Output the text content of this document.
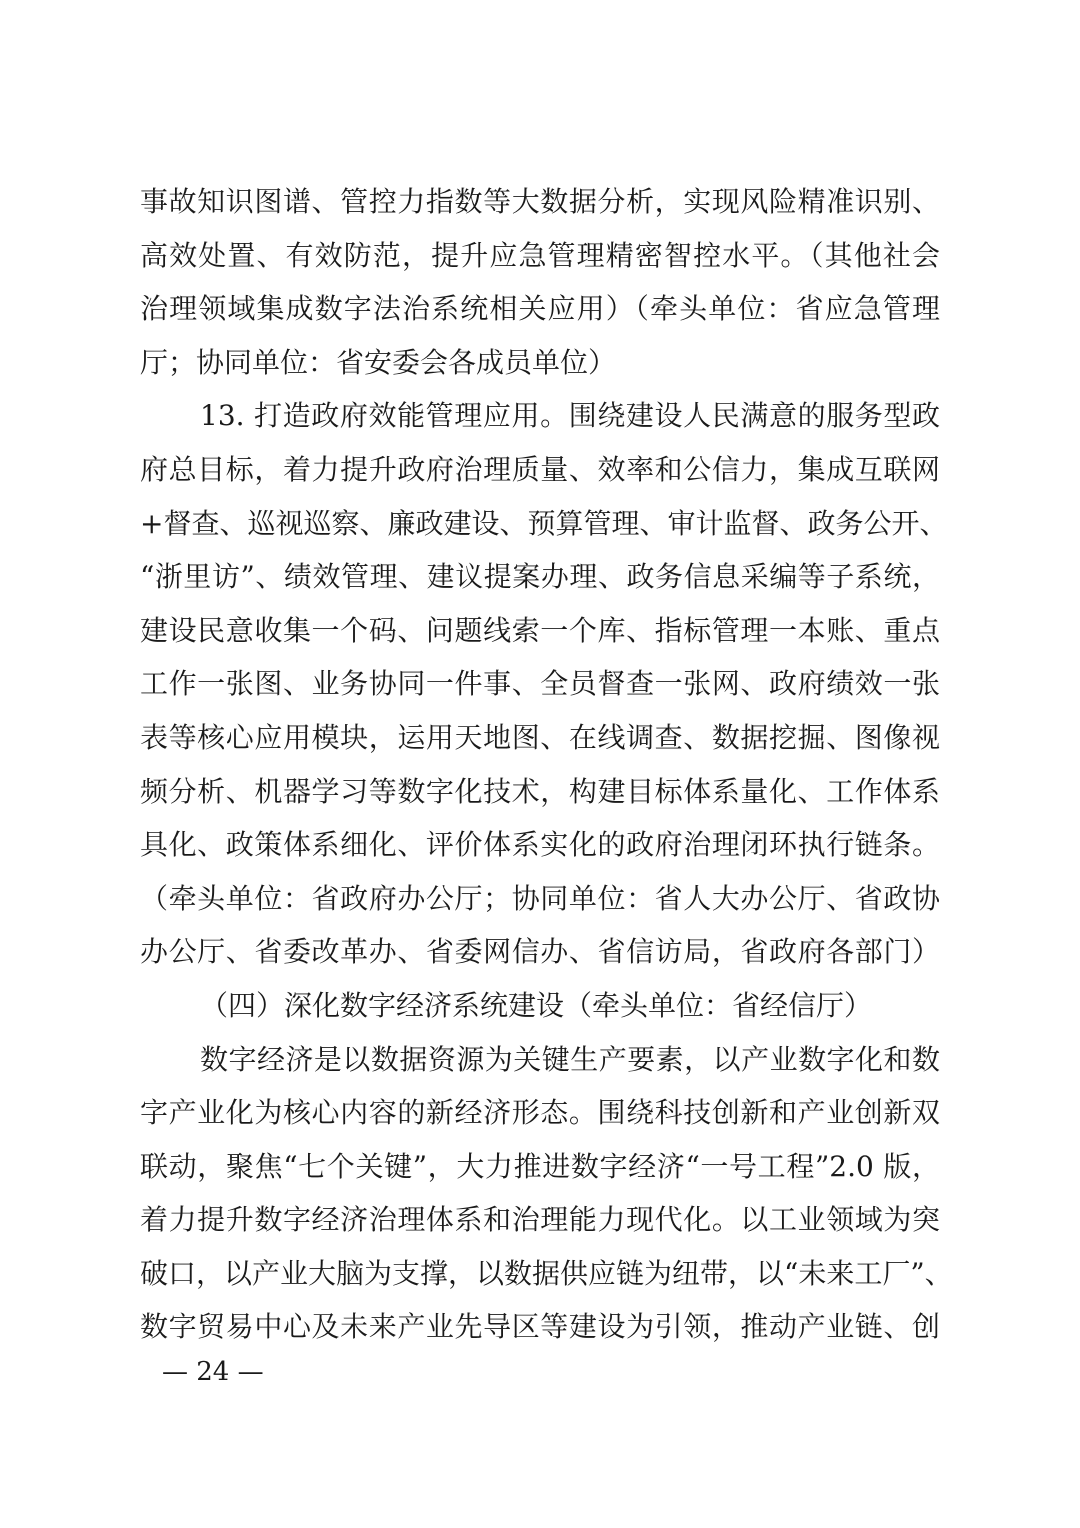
事故知识图谱、管控力指数等大数据分析，实现风险精准识别、
高效处置、有效防范，提升应急管理精密智控水平。（其他社会
治理领域集成数字法治系统相关应用）（牵头单位：省应急管理
厅；协同单位：省安委会各成员单位）
13. 打造政府效能管理应用。围绕建设人民满意的服务型政
府总目标，着力提升政府治理质量、效率和公信力，集成互联网
+督查、巡视巡察、廉政建设、预算管理、审计监督、政务公开、
“浙里访”、绩效管理、建议提案办理、政务信息采编等子系统，
建设民意收集一个码、问题线索一个库、指标管理一本账、重点
工作一张图、业务协同一件事、全员督查一张网、政府绩效一张
表等核心应用模块，运用天地图、在线调查、数据挖掘、图像视
频分析、机器学习等数字化技术，构建目标体系量化、工作体系
具化、政策体系细化、评价体系实化的政府治理闭环执行链条。
（牵头单位：省政府办公厅；协同单位：省人大办公厅、省政协
办公厅、省委改革办、省委网信办、省信访局，省政府各部门）
（四）深化数字经济系统建设（牵头单位：省经信厅）
数字经济是以数据资源为关键生产要素，以产业数字化和数
字产业化为核心内容的新经济形态。围绕科技创新和产业创新双
联动，聚焦“七个关键”，大力推进数字经济“一号工程”2.0 版，
着力提升数字经济治理体系和治理能力现代化。以工业领域为突
破口，以产业大脑为支撑，以数据供应链为纽带，以“未来工厂”、
数字贸易中心及未来产业先导区等建设为引领，推动产业链、创
— 24 —
